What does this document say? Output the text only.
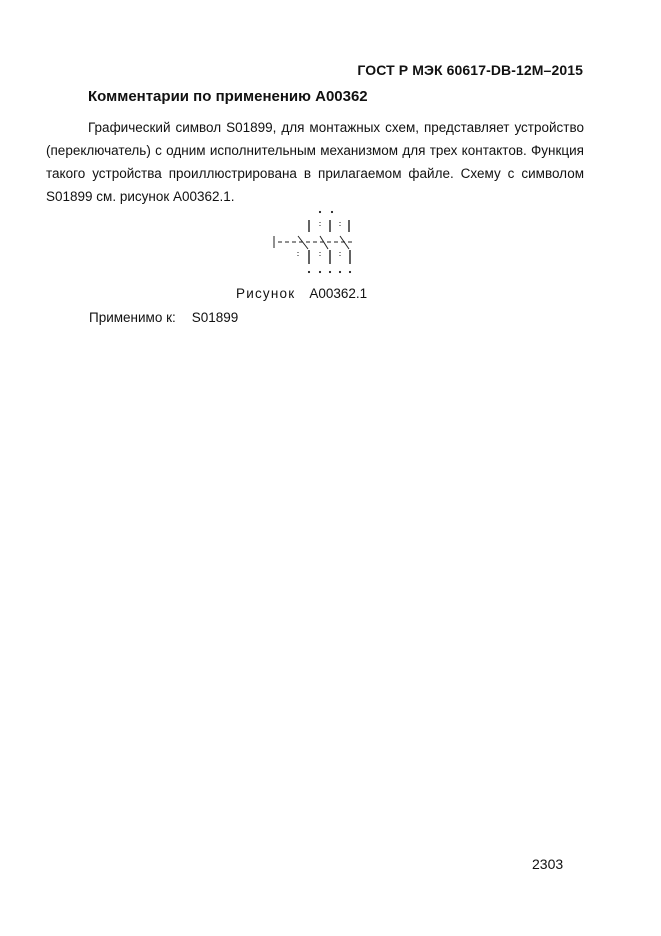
ГОСТ Р МЭК 60617-DB-12M–2015
Комментарии по применению A00362

Графический символ S01899, для монтажных схем, представляет устройство (переключатель) с одним исполнительным механизмом для трех контактов. Функция такого устройства проиллюстрирована в прилагаемом файле. Схему с символом S01899 см. рисунок А00362.1.

Рисунок A00362.1
Применимо к: S01899
2303
